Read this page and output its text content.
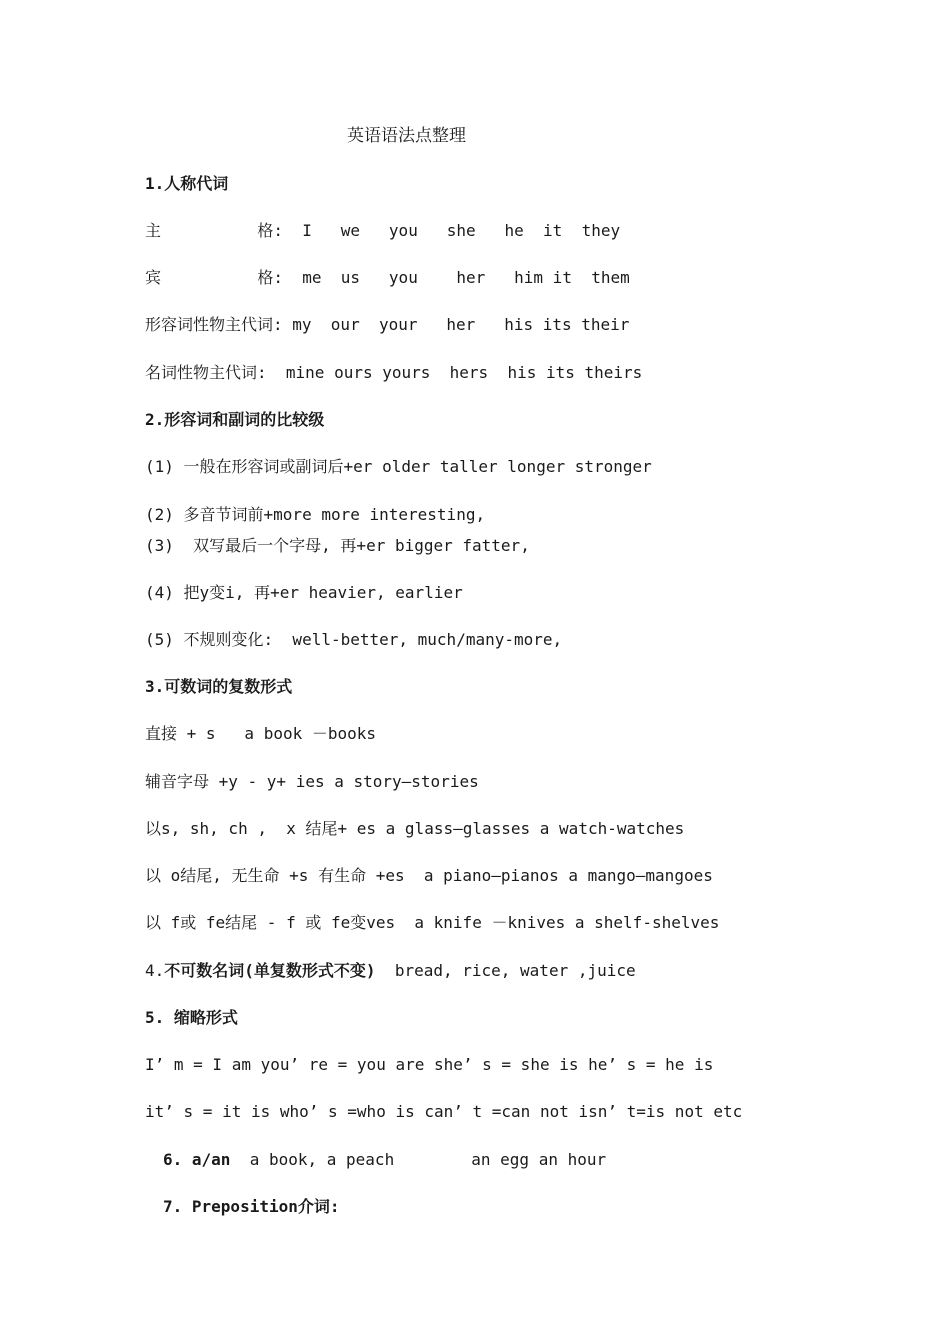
英语语法点整理
1.人称代词
主          格:  I   we   you   she   he  it  they
宾          格:  me  us   you    her   him it  them
形容词性物主代词: my  our  your   her   his its their
名词性物主代词:  mine ours yours  hers  his its theirs
2.形容词和副词的比较级
(1) 一般在形容词或副词后+er older taller longer stronger
(2) 多音节词前+more more interesting,
(3)  双写最后一个字母, 再+er bigger fatter,
(4) 把y变i, 再+er heavier, earlier
(5) 不规则变化:  well-better, much/many-more,
3.可数词的复数形式
直接 + s   a book －books
辅音字母 +y - y+ ies a story—stories
以s, sh, ch ,  x 结尾+ es a glass—glasses a watch-watches
以 o结尾, 无生命 +s 有生命 +es  a piano—pianos a mango—mangoes
以 f或 fe结尾 - f 或 fe变ves  a knife －knives a shelf-shelves
4.不可数名词(单复数形式不变)  bread, rice, water ,juice
5. 缩略形式
I’ m = I am you’ re = you are she’ s = she is he’ s = he is
it’ s = it is who’ s =who is can’ t =can not isn’ t=is not etc
6. a/an  a book, a peach        an egg an hour
7. Preposition介词:
